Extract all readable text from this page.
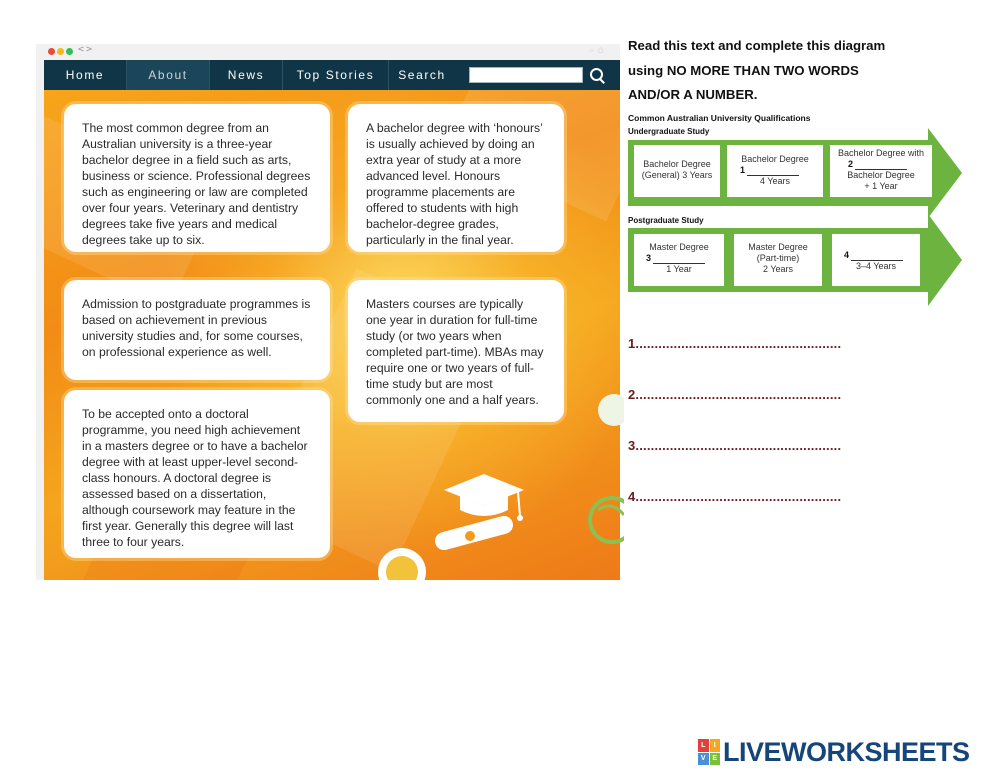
<>	⌕ ⌂
Home	About	News	Top Stories	Search

The most common degree from an Australian university is a three-year bachelor degree in a field such as arts, business or science. Professional degrees such as engineering or law are completed over four years. Veterinary and dentistry degrees take five years and medical degrees take up to six.

A bachelor degree with ‘honours’ is usually achieved by doing an extra year of study at a more advanced level. Honours programme placements are offered to students with high bachelor-degree grades, particularly in the final year.

Admission to postgraduate programmes is based on achievement in previous university studies and, for some courses, on professional experience as well.

Masters courses are typically one year in duration for full-time study (or two years when completed part-time). MBAs may require one or two years of full-time study but are most commonly one and a half years.

To be accepted onto a doctoral programme, you need high achievement in a masters degree or to have a bachelor degree with at least upper-level second-class honours. A doctoral degree is assessed based on a dissertation, although coursework may feature in the first year. Generally this degree will last three to four years.

Read this text and complete this diagram
using NO MORE THAN TWO WORDS
AND/OR A NUMBER.
Common Australian University Qualifications
Undergraduate Study
Bachelor Degree
(General) 3 Years
Bachelor Degree
1
4 Years
Bachelor Degree with
2
Bachelor Degree
+ 1 Year
Postgraduate Study
Master Degree
3
1 Year
Master Degree
(Part-time)
2 Years
4
3–4 Years
1......................................................
2......................................................
3......................................................
4......................................................
L	I
V E LIVEWORKSHEETS
